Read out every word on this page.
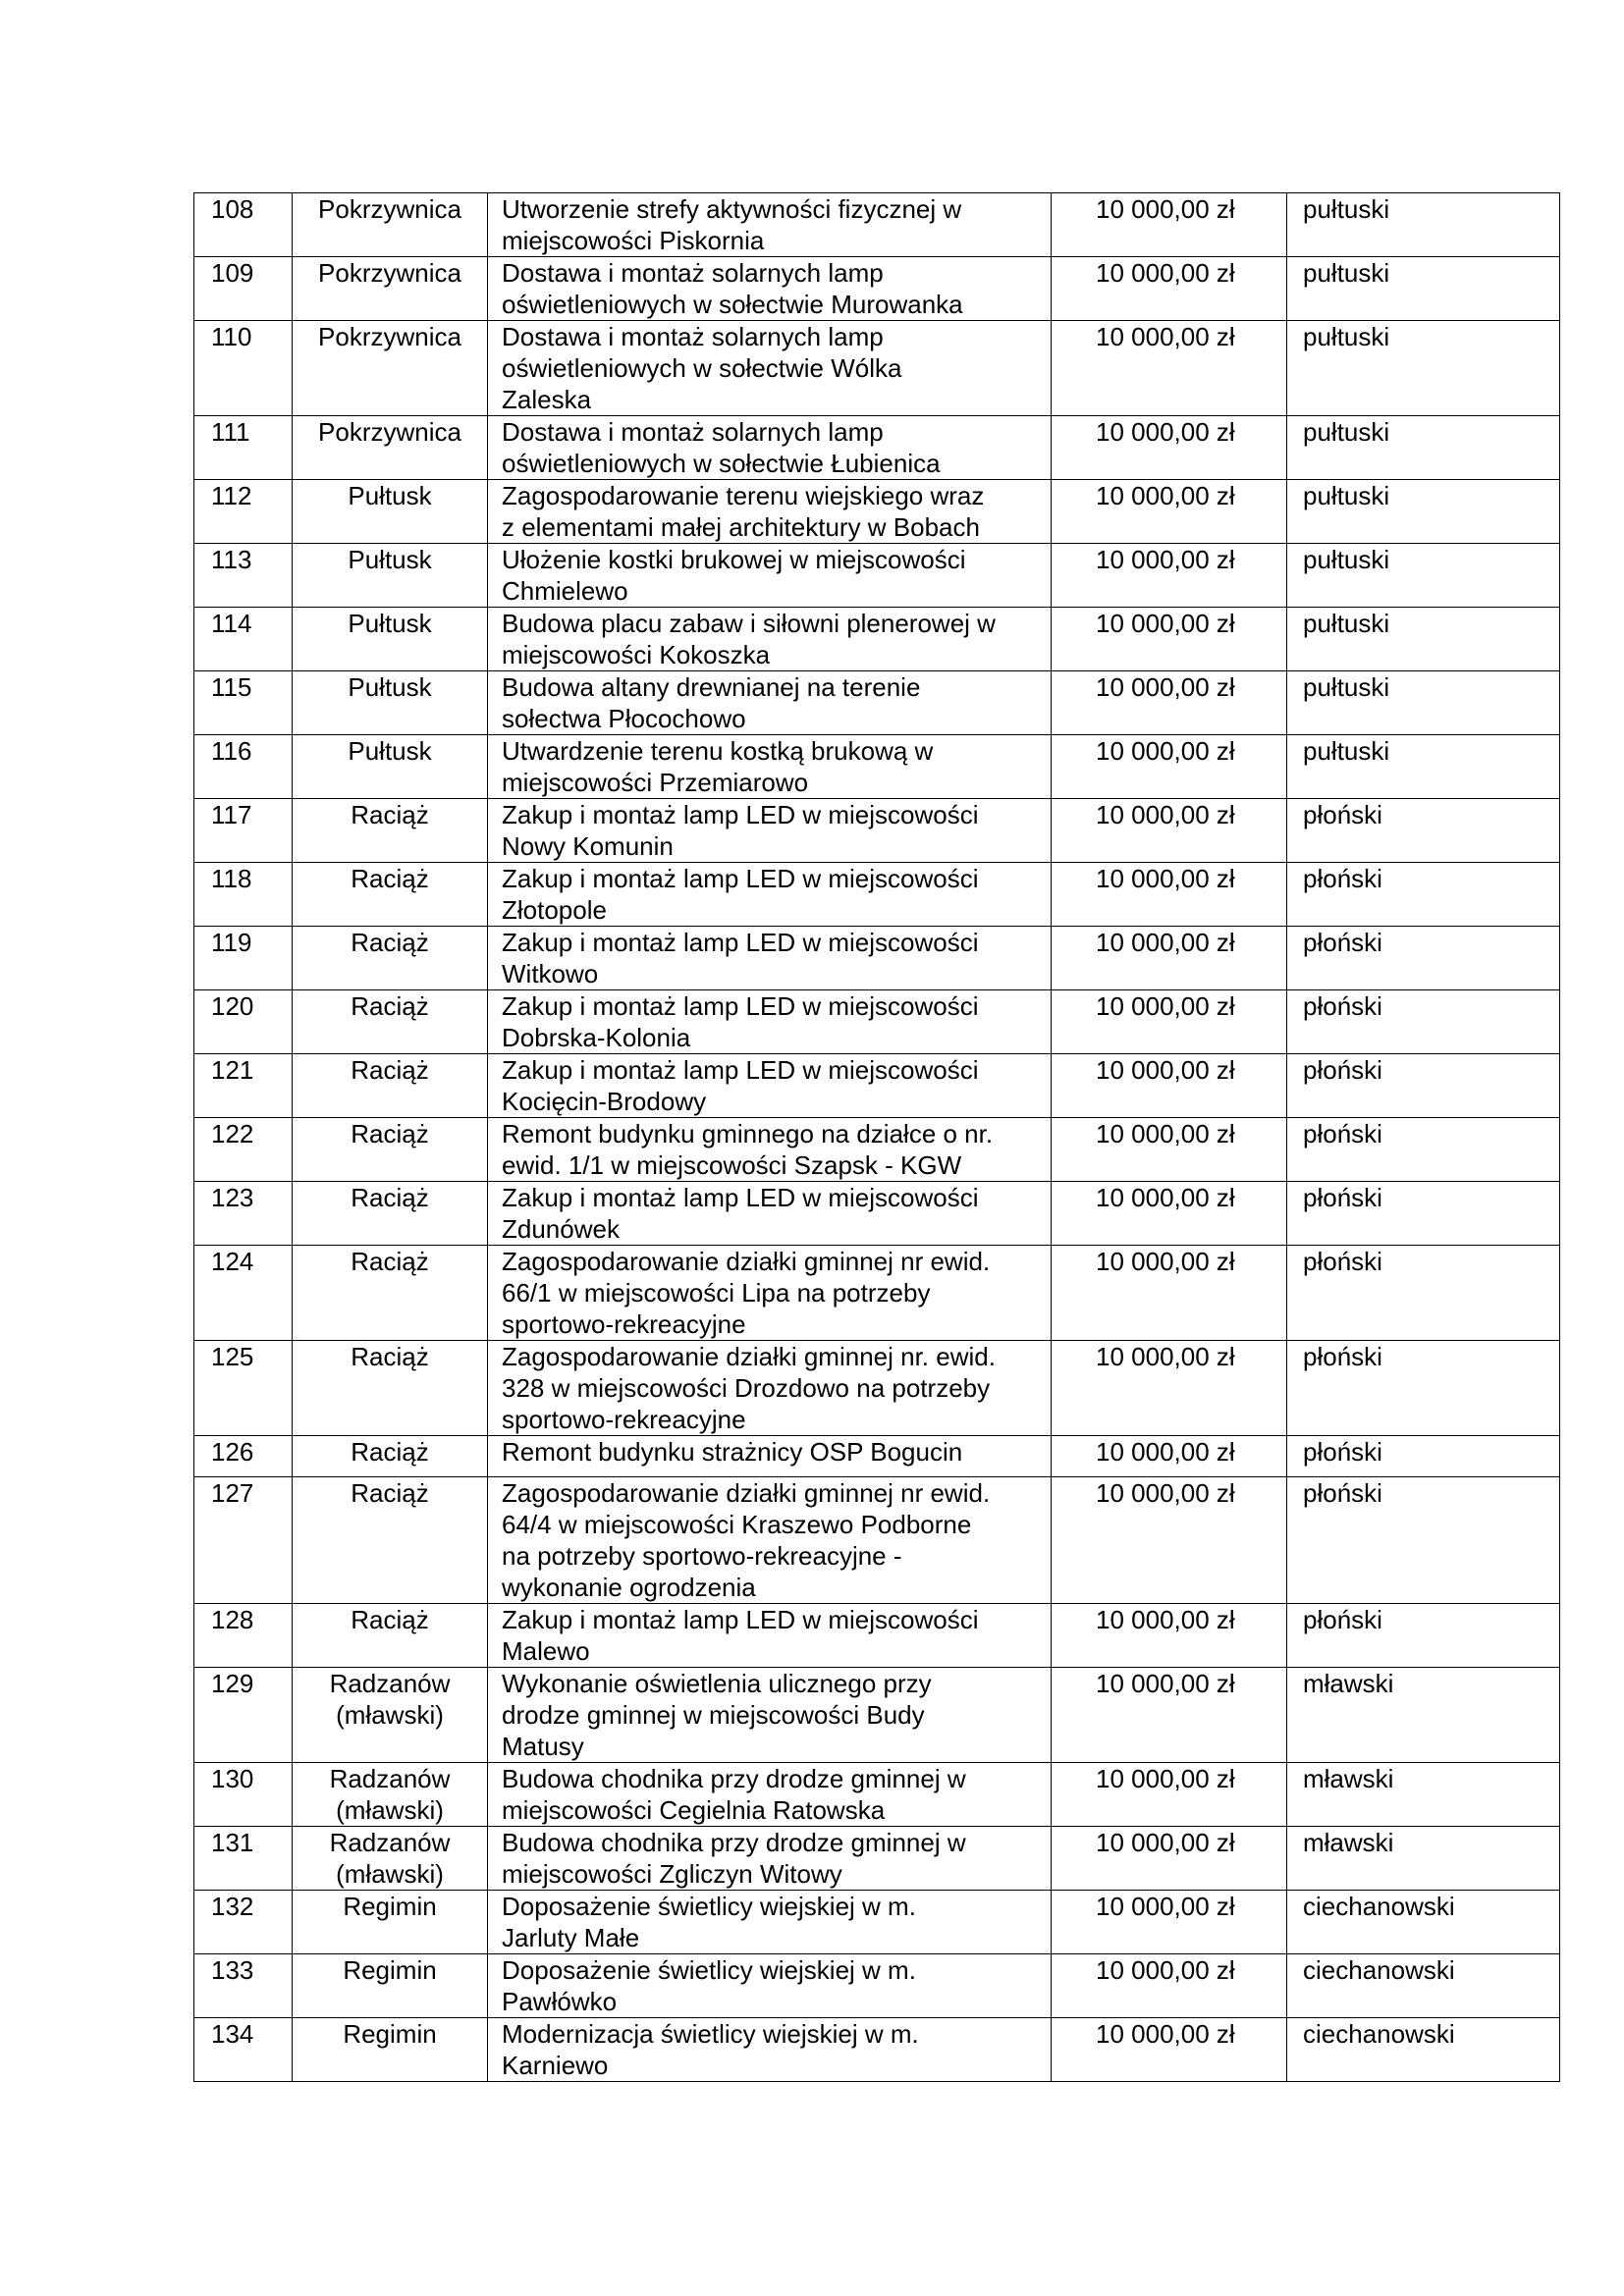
108	Pokrzywnica	Utworzenie strefy aktywności fizycznej w
miejscowości Piskornia	10 000,00 zł	pułtuski

109	Pokrzywnica	Dostawa i montaż solarnych lamp
oświetleniowych w sołectwie Murowanka	10 000,00 zł	pułtuski

110	Pokrzywnica	Dostawa i montaż solarnych lamp
oświetleniowych w sołectwie Wólka
Zaleska	10 000,00 zł	pułtuski

111	Pokrzywnica	Dostawa i montaż solarnych lamp
oświetleniowych w sołectwie Łubienica	10 000,00 zł	pułtuski

112	Pułtusk	Zagospodarowanie terenu wiejskiego wraz
z elementami małej architektury w Bobach	10 000,00 zł	pułtuski

113	Pułtusk	Ułożenie kostki brukowej w miejscowości
Chmielewo	10 000,00 zł	pułtuski

114	Pułtusk	Budowa placu zabaw i siłowni plenerowej w
miejscowości Kokoszka	10 000,00 zł	pułtuski

115	Pułtusk	Budowa altany drewnianej na terenie
sołectwa Płocochowo	10 000,00 zł	pułtuski

116	Pułtusk	Utwardzenie terenu kostką brukową w
miejscowości Przemiarowo	10 000,00 zł	pułtuski

117	Raciąż	Zakup i montaż lamp LED w miejscowości
Nowy Komunin	10 000,00 zł	płoński

118	Raciąż	Zakup i montaż lamp LED w miejscowości
Złotopole	10 000,00 zł	płoński

119	Raciąż	Zakup i montaż lamp LED w miejscowości
Witkowo	10 000,00 zł	płoński

120	Raciąż	Zakup i montaż lamp LED w miejscowości
Dobrska-Kolonia	10 000,00 zł	płoński

121	Raciąż	Zakup i montaż lamp LED w miejscowości
Kocięcin-Brodowy	10 000,00 zł	płoński

122	Raciąż	Remont budynku gminnego na działce o nr.
ewid. 1/1 w miejscowości Szapsk - KGW	10 000,00 zł	płoński

123	Raciąż	Zakup i montaż lamp LED w miejscowości
Zdunówek	10 000,00 zł	płoński

124	Raciąż	Zagospodarowanie działki gminnej nr ewid.
66/1 w miejscowości Lipa na potrzeby
sportowo-rekreacyjne	10 000,00 zł	płoński

125	Raciąż	Zagospodarowanie działki gminnej nr. ewid.
328 w miejscowości Drozdowo na potrzeby
sportowo-rekreacyjne	10 000,00 zł	płoński

126	Raciąż	Remont budynku strażnicy OSP Bogucin	10 000,00 zł	płoński

127	Raciąż	Zagospodarowanie działki gminnej nr ewid.
64/4 w miejscowości Kraszewo Podborne
na potrzeby sportowo-rekreacyjne -
wykonanie ogrodzenia	10 000,00 zł	płoński

128	Raciąż	Zakup i montaż lamp LED w miejscowości
Malewo	10 000,00 zł	płoński

129	Radzanów
(mławski)	Wykonanie oświetlenia ulicznego przy
drodze gminnej w miejscowości Budy
Matusy	10 000,00 zł	mławski

130	Radzanów
(mławski)	Budowa chodnika przy drodze gminnej w
miejscowości Cegielnia Ratowska	10 000,00 zł	mławski

131	Radzanów
(mławski)	Budowa chodnika przy drodze gminnej w
miejscowości Zgliczyn Witowy	10 000,00 zł	mławski

132	Regimin	Doposażenie świetlicy wiejskiej w m.
Jarluty Małe	10 000,00 zł	ciechanowski

133	Regimin	Doposażenie świetlicy wiejskiej w m.
Pawłówko	10 000,00 zł	ciechanowski

134	Regimin	Modernizacja świetlicy wiejskiej w m.
Karniewo	10 000,00 zł	ciechanowski
